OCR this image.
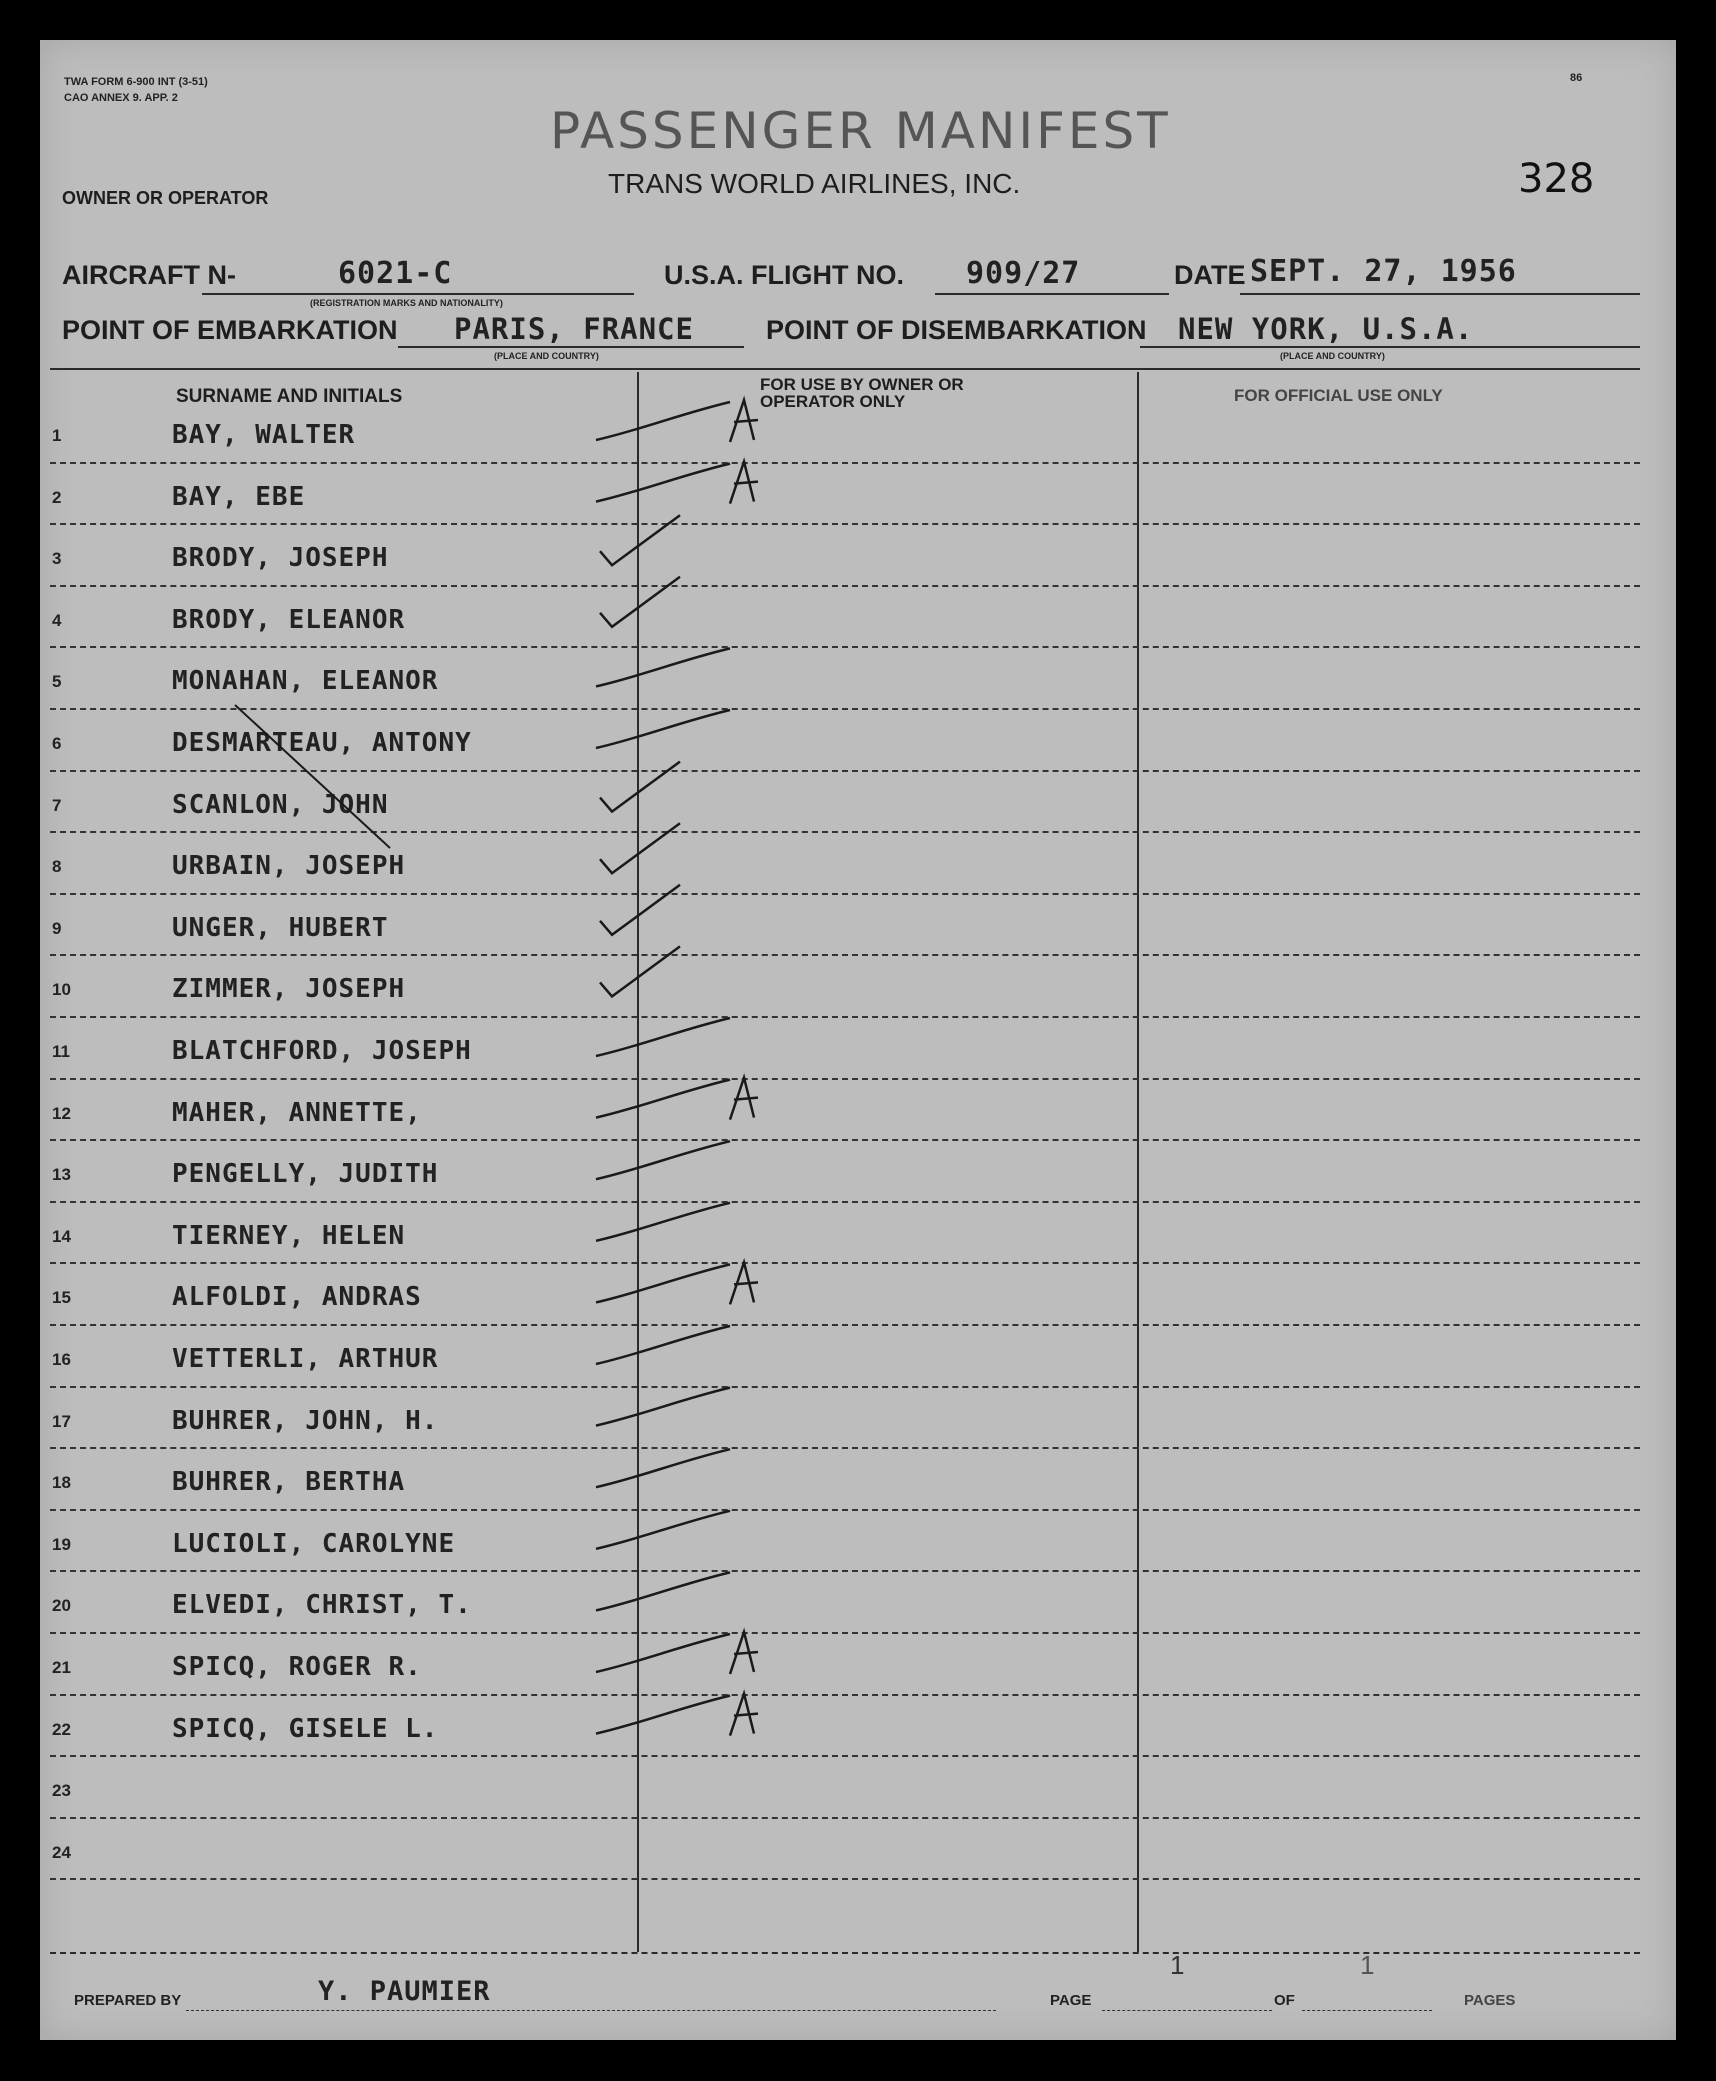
TWA FORM 6-900 INT (3-51)
CAO ANNEX 9. APP. 2
86
PASSENGER MANIFEST
TRANS WORLD AIRLINES, INC.	328
OWNER OR OPERATOR
AIRCRAFT N-	6021-C
(REGISTRATION MARKS AND NATIONALITY)
U.S.A. FLIGHT NO. 909/27	DATE SEPT. 27, 1956
POINT OF EMBARKATION PARIS, FRANCE
(PLACE AND COUNTRY)
POINT OF DISEMBARKATION NEW YORK, U.S.A.
(PLACE AND COUNTRY)
SURNAME AND INITIALS
FOR USE BY OWNER OR OPERATOR ONLY	FOR OFFICIAL USE ONLY
1	BAY, WALTER
2	BAY, EBE
3	BRODY, JOSEPH
4	BRODY, ELEANOR
5	MONAHAN, ELEANOR
6	DESMARTEAU, ANTONY
7	SCANLON, JOHN
8	URBAIN, JOSEPH
9	UNGER, HUBERT
10	ZIMMER, JOSEPH
11	BLATCHFORD, JOSEPH
12	MAHER, ANNETTE,
13	PENGELLY, JUDITH
14	TIERNEY, HELEN
15	ALFOLDI, ANDRAS
16	VETTERLI, ARTHUR
17	BUHRER, JOHN, H.
18	BUHRER, BERTHA
19	LUCIOLI, CAROLYNE
20	ELVEDI, CHRIST, T.
21	SPICQ, ROGER R.
22	SPICQ, GISELE L.
23
24
PREPARED BY	Y. PAUMIER	PAGE
1
OF
1
PAGES
